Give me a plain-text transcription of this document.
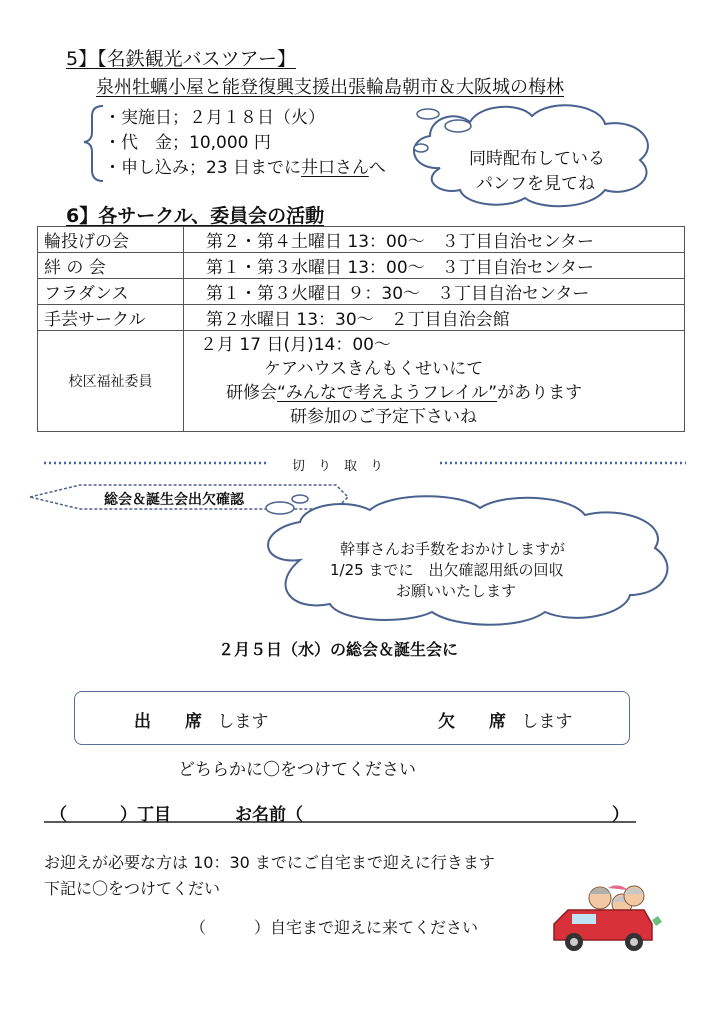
5】【名鉄観光バスツアー】
泉州牡蠣小屋と能登復興支援出張輪島朝市＆大阪城の梅林
・実施日；２月１８日（火）
・代　金；10,000 円
・申し込み；23 日までに井口さんへ	同時配布している
パンフを見てね
6】各サークル、委員会の活動
輪投げの会	第２・第４土曜日 13：00～　３丁目自治センター
絆 の 会	第１・第３水曜日 13：00～　３丁目自治センター
フラダンス	第１・第３火曜日 ９：30～　３丁目自治センター
手芸サークル	第２水曜日 13：30～　２丁目自治会館
校区福祉委員	２月 17 日(月)14：00～
ケアハウスきんもくせいにて
研修会“みんなで考えようフレイル”があります
研参加のご予定下さいね
切　り　取　り
総会＆誕生会出欠確認
幹事さんお手数をおかけしますが
1/25 までに　出欠確認用紙の回収
お願いいたします
２月５日（水）の総会＆誕生会に
出　　席 します	欠　　席 します
どちらかに〇をつけてください
（	）丁目	お名前（	）
お迎えが必要な方は 10：30 までにご自宅まで迎えに行きます
下記に〇をつけてくだい
（　　　）自宅まで迎えに来てください
